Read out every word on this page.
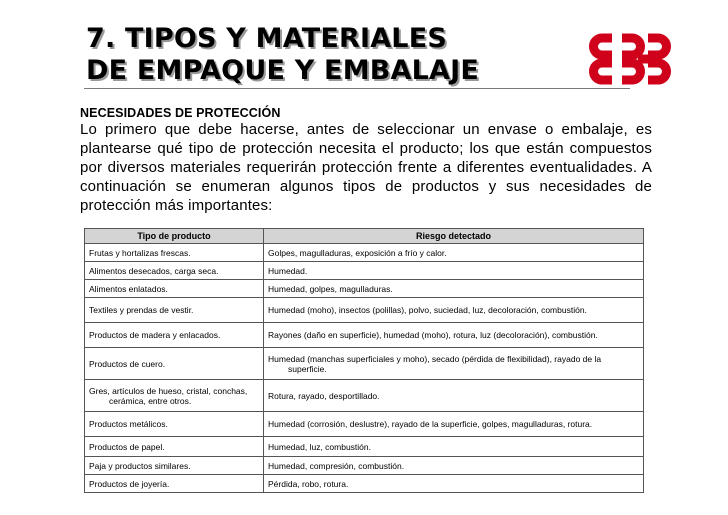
7. TIPOS Y MATERIALES
DE EMPAQUE Y EMBALAJE
NECESIDADES DE PROTECCIÓN
Lo primero que debe hacerse, antes de seleccionar un envase o embalaje, es plantearse qué tipo de protección necesita el producto; los que están compuestos por diversos materiales requerirán protección frente a diferentes eventualidades. A continuación se enumeran algunos tipos de productos y sus necesidades de protección más importantes:
Tipo de producto	Riesgo detectado
Frutas y hortalizas frescas.	Golpes, magulladuras, exposición a frío y calor.
Alimentos desecados, carga seca.	Humedad.
Alimentos enlatados.	Humedad, golpes, magulladuras.
Textiles y prendas de vestir.	Humedad (moho), insectos (polillas), polvo, suciedad, luz, decoloración, combustión.
Productos de madera y enlacados.	Rayones (daño en superficie), humedad (moho), rotura, luz (decoloración), combustión.
Productos de cuero.	Humedad (manchas superficiales y moho), secado (pérdida de flexibilidad), rayado de la
superficie.

Gres, artículos de hueso, cristal, conchas,
cerámica, entre otros.	Rotura, rayado, desportillado.
Productos metálicos.	Humedad (corrosión, deslustre), rayado de la superficie, golpes, magulladuras, rotura.
Productos de papel.	Humedad, luz, combustión.
Paja y productos similares.	Humedad, compresión, combustión.
Productos de joyería.	Pérdida, robo, rotura.
